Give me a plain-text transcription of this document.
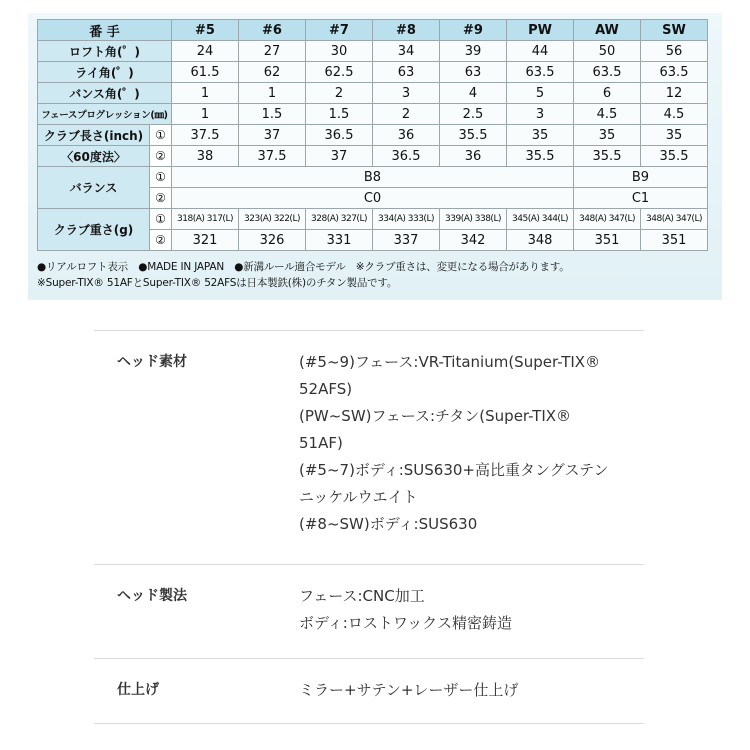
番 手		#5	#6	#7	#8	#9	PW	AW	SW
ロフト角(゜)		24	27	30	34	39	44	50	56
ライ角(゜)		61.5	62	62.5	63	63	63.5	63.5	63.5
バンス角(゜)		1	1	2	3	4	5	6	12
フェースプログレッション(㎜)		1	1.5	1.5	2	2.5	3	4.5	4.5
クラブ長さ(inch)	①	37.5	37	36.5	36	35.5	35	35	35
〈60度法〉	②	38	37.5	37	36.5	36	35.5	35.5	35.5
バランス	①	B8						B9	
	②	C0						C1	
クラブ重さ(g)	①	318(A) 317(L)	323(A) 322(L)	328(A) 327(L)	334(A) 333(L)	339(A) 338(L)	345(A) 344(L)	348(A) 347(L)	348(A) 347(L)
	②	321	326	331	337	342	348	351	351
●リアルロフト表示　●MADE IN JAPAN　●新溝ルール適合モデル　※クラブ重さは、変更になる場合があります。
※Super-TIX® 51AFとSuper-TIX® 52AFSは日本製鉄(株)のチタン製品です。
ヘッド素材	(#5~9)フェース:VR-Titanium(Super-TIX®
52AFS)
(PW~SW)フェース:チタン(Super-TIX®
51AF)
(#5~7)ボディ:SUS630+高比重タングステン
ニッケルウエイト
(#8~SW)ボディ:SUS630
ヘッド製法	フェース:CNC加工
ボディ:ロストワックス精密鋳造
仕上げ	ミラー+サテン+レーザー仕上げ
